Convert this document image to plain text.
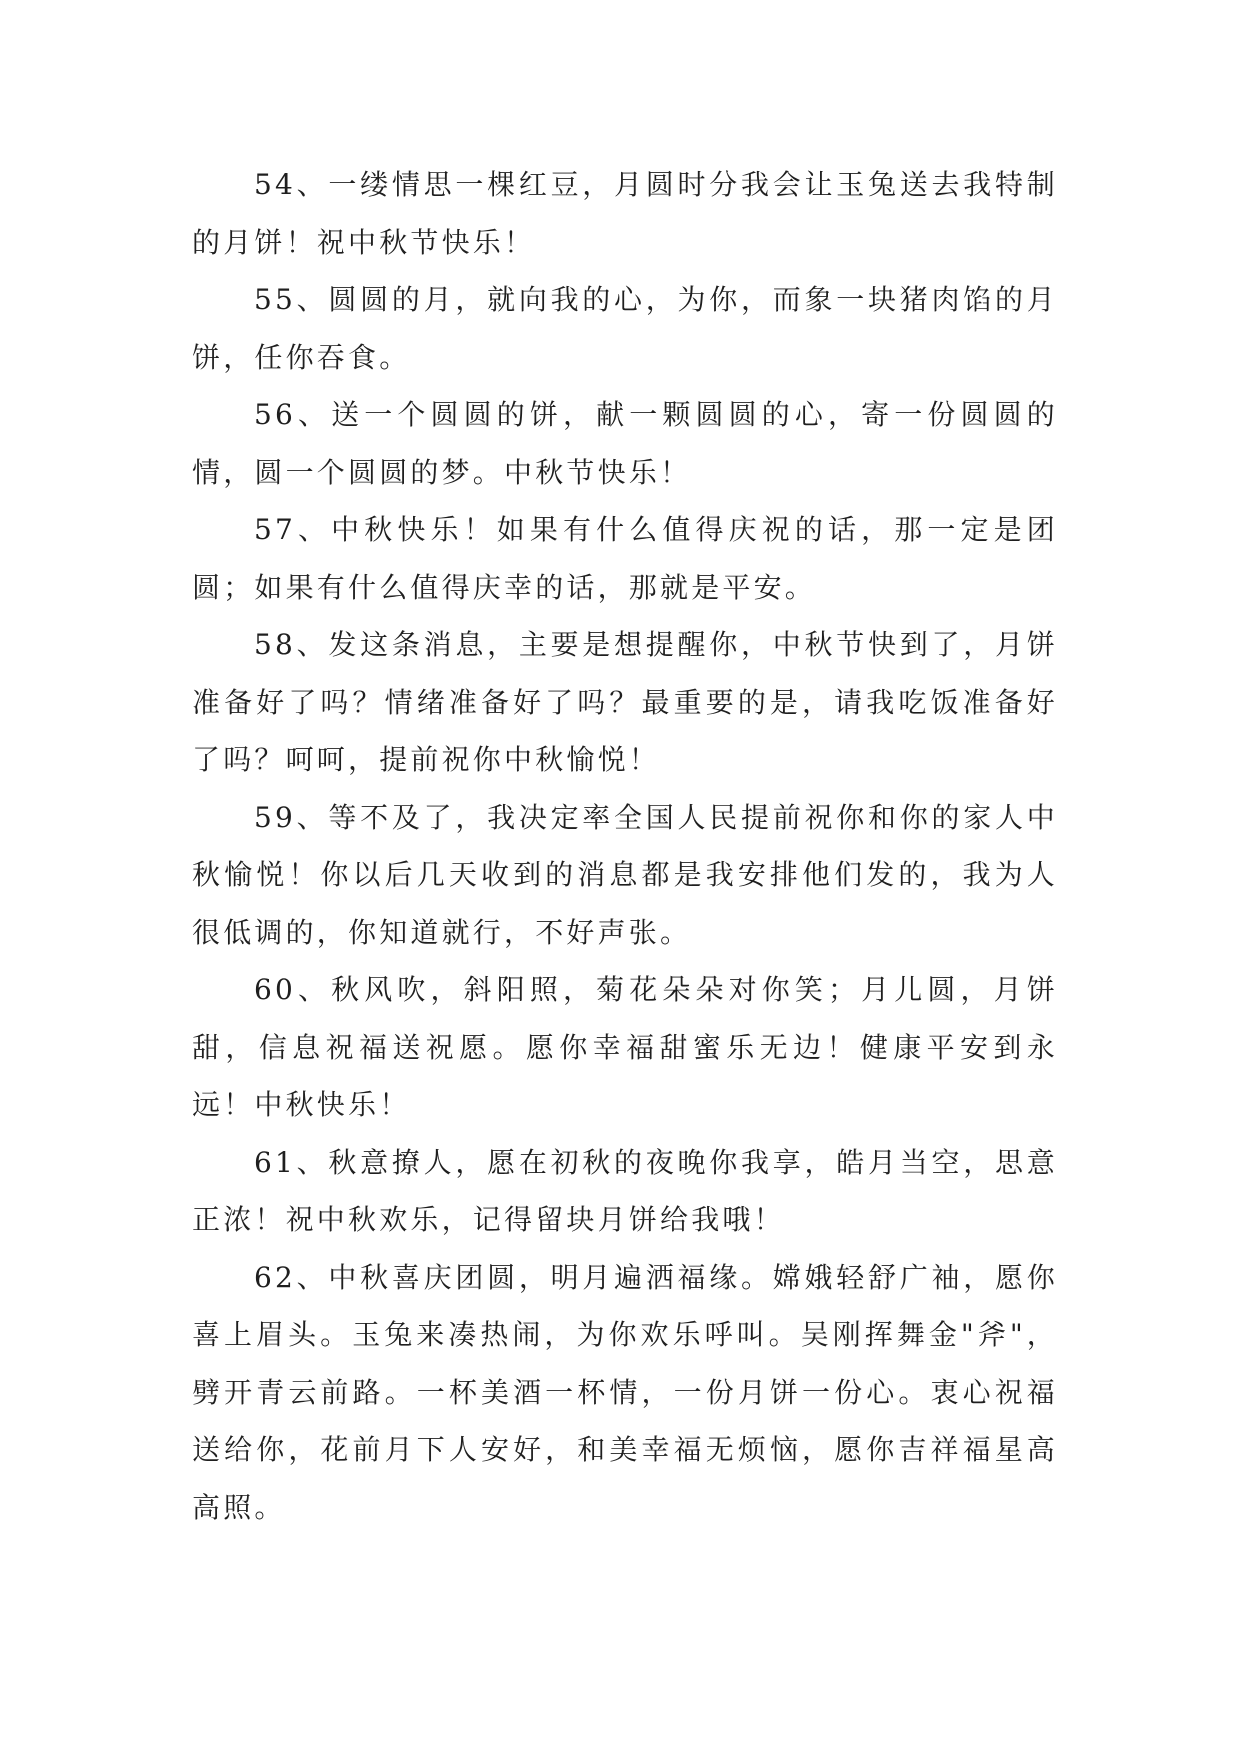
54、一缕情思一棵红豆，月圆时分我会让玉兔送去我特制的月饼！祝中秋节快乐！

55、圆圆的月，就向我的心，为你，而象一块猪肉馅的月饼，任你吞食。

56、送一个圆圆的饼，献一颗圆圆的心，寄一份圆圆的情，圆一个圆圆的梦。中秋节快乐！

57、中秋快乐！如果有什么值得庆祝的话，那一定是团圆；如果有什么值得庆幸的话，那就是平安。

58、发这条消息，主要是想提醒你，中秋节快到了，月饼准备好了吗？情绪准备好了吗？最重要的是，请我吃饭准备好了吗？呵呵，提前祝你中秋愉悦！

59、等不及了，我决定率全国人民提前祝你和你的家人中秋愉悦！你以后几天收到的消息都是我安排他们发的，我为人很低调的，你知道就行，不好声张。

60、秋风吹，斜阳照，菊花朵朵对你笑；月儿圆，月饼甜，信息祝福送祝愿。愿你幸福甜蜜乐无边！健康平安到永远！中秋快乐！

61、秋意撩人，愿在初秋的夜晚你我享，皓月当空，思意正浓！祝中秋欢乐，记得留块月饼给我哦！

62、中秋喜庆团圆，明月遍洒福缘。嫦娥轻舒广袖，愿你喜上眉头。玉兔来凑热闹，为你欢乐呼叫。吴刚挥舞金"斧"，劈开青云前路。一杯美酒一杯情，一份月饼一份心。衷心祝福送给你，花前月下人安好，和美幸福无烦恼，愿你吉祥福星高高照。
